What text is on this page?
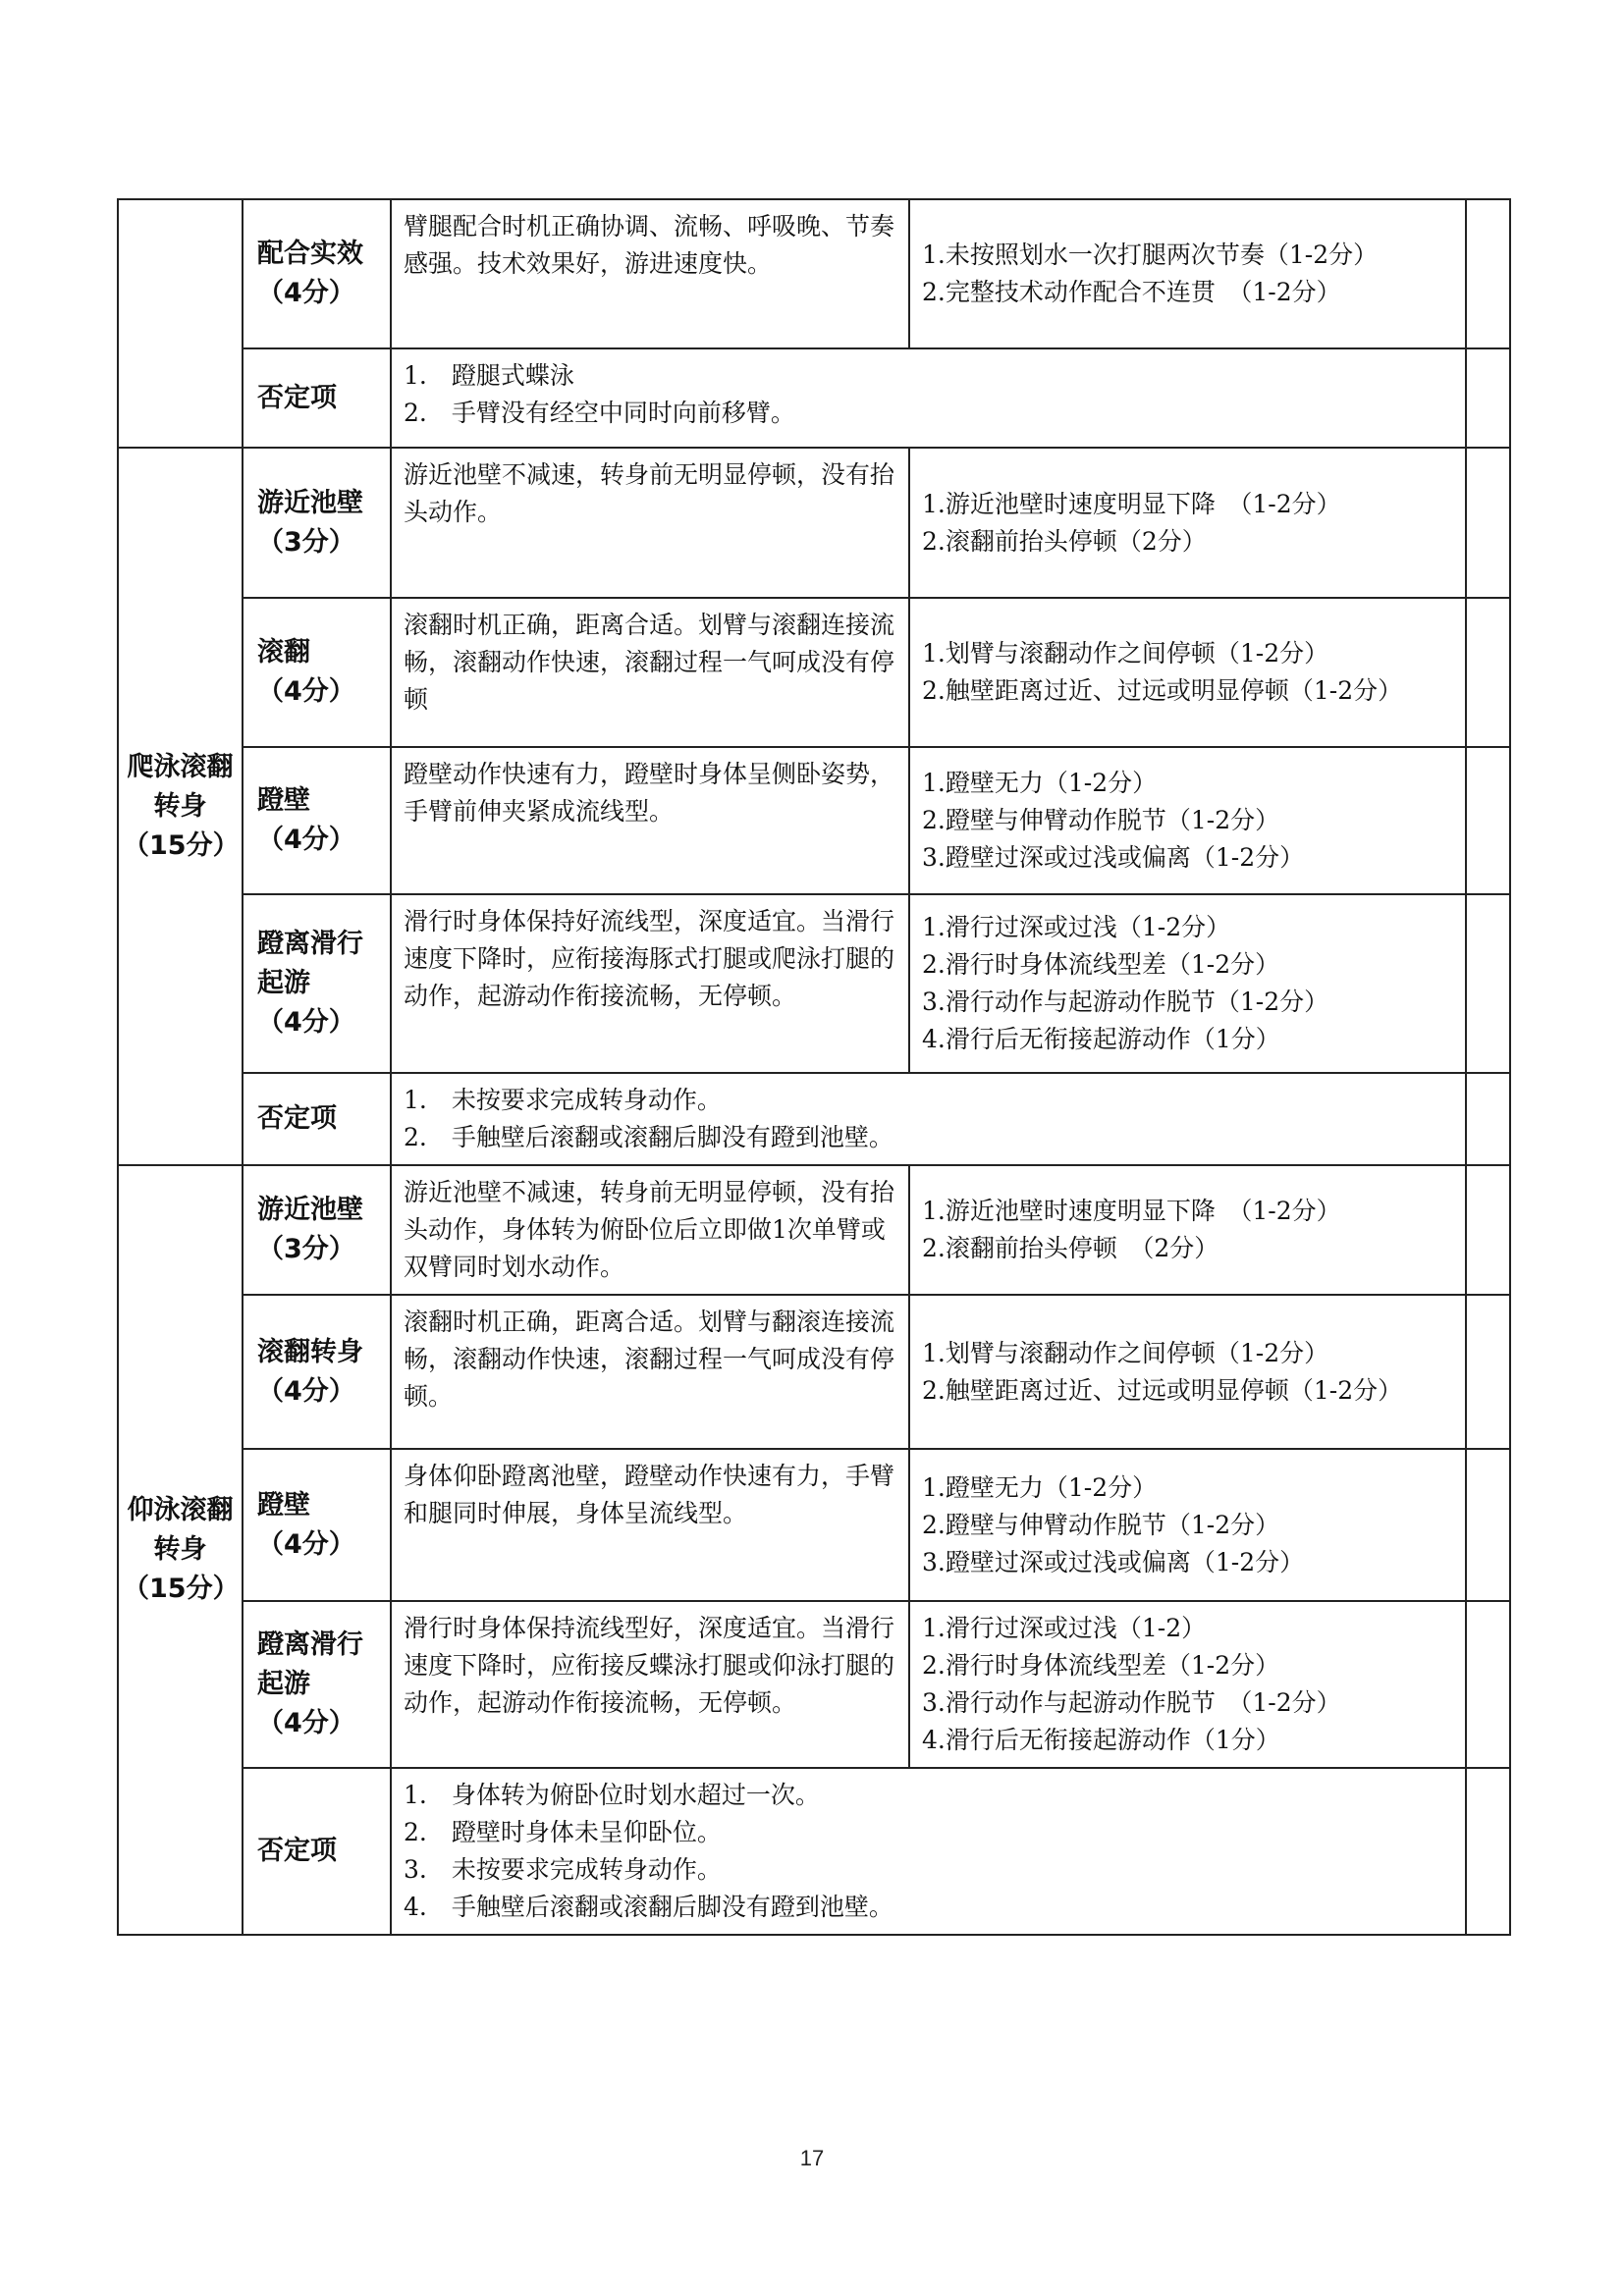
	配合实效
（4分）	臂腿配合时机正确协调、流畅、呼吸晚、节奏感强。技术效果好，游进速度快。	1.未按照划水一次打腿两次节奏（1-2分）
2.完整技术动作配合不连贯　（1-2分）	

	否定项	1.　蹬腿式蝶泳
2.　手臂没有经空中同时向前移臂。		

爬泳滚翻转身（15分）	游近池壁
（3分）	游近池壁不减速，转身前无明显停顿，没有抬头动作。	1.游近池壁时速度明显下降　（1-2分）
2.滚翻前抬头停顿（2分）	

	滚翻
（4分）	滚翻时机正确，距离合适。划臂与滚翻连接流畅，滚翻动作快速，滚翻过程一气呵成没有停顿	1.划臂与滚翻动作之间停顿（1-2分）
2.触壁距离过近、过远或明显停顿（1-2分）	

	蹬壁
（4分）	蹬壁动作快速有力，蹬壁时身体呈侧卧姿势，手臂前伸夹紧成流线型。	1.蹬壁无力（1-2分）
2.蹬壁与伸臂动作脱节（1-2分）
3.蹬壁过深或过浅或偏离（1-2分）	

	蹬离滑行起游
（4分）	滑行时身体保持好流线型，深度适宜。当滑行速度下降时，应衔接海豚式打腿或爬泳打腿的动作，起游动作衔接流畅，无停顿。	1.滑行过深或过浅（1-2分）
2.滑行时身体流线型差（1-2分）
3.滑行动作与起游动作脱节（1-2分）
4.滑行后无衔接起游动作（1分）	

	否定项	1.　未按要求完成转身动作。
2.　手触壁后滚翻或滚翻后脚没有蹬到池壁。		

仰泳滚翻转身（15分）	游近池壁
（3分）	游近池壁不减速，转身前无明显停顿，没有抬头动作，身体转为俯卧位后立即做1次单臂或双臂同时划水动作。	1.游近池壁时速度明显下降　（1-2分）
2.滚翻前抬头停顿　（2分）	

	滚翻转身
（4分）	滚翻时机正确，距离合适。划臂与翻滚连接流畅，滚翻动作快速，滚翻过程一气呵成没有停顿。	1.划臂与滚翻动作之间停顿（1-2分）
2.触壁距离过近、过远或明显停顿（1-2分）	

	蹬壁
（4分）	身体仰卧蹬离池壁，蹬壁动作快速有力，手臂和腿同时伸展，身体呈流线型。	1.蹬壁无力（1-2分）
2.蹬壁与伸臂动作脱节（1-2分）
3.蹬壁过深或过浅或偏离（1-2分）	

	蹬离滑行起游
（4分）	滑行时身体保持流线型好，深度适宜。当滑行速度下降时，应衔接反蝶泳打腿或仰泳打腿的动作，起游动作衔接流畅，无停顿。	1.滑行过深或过浅（1-2）
2.滑行时身体流线型差（1-2分）
3.滑行动作与起游动作脱节　（1-2分）
4.滑行后无衔接起游动作（1分）	

	否定项	1.　身体转为俯卧位时划水超过一次。
2.　蹬壁时身体未呈仰卧位。
3.　未按要求完成转身动作。
4.　手触壁后滚翻或滚翻后脚没有蹬到池壁。		

17
